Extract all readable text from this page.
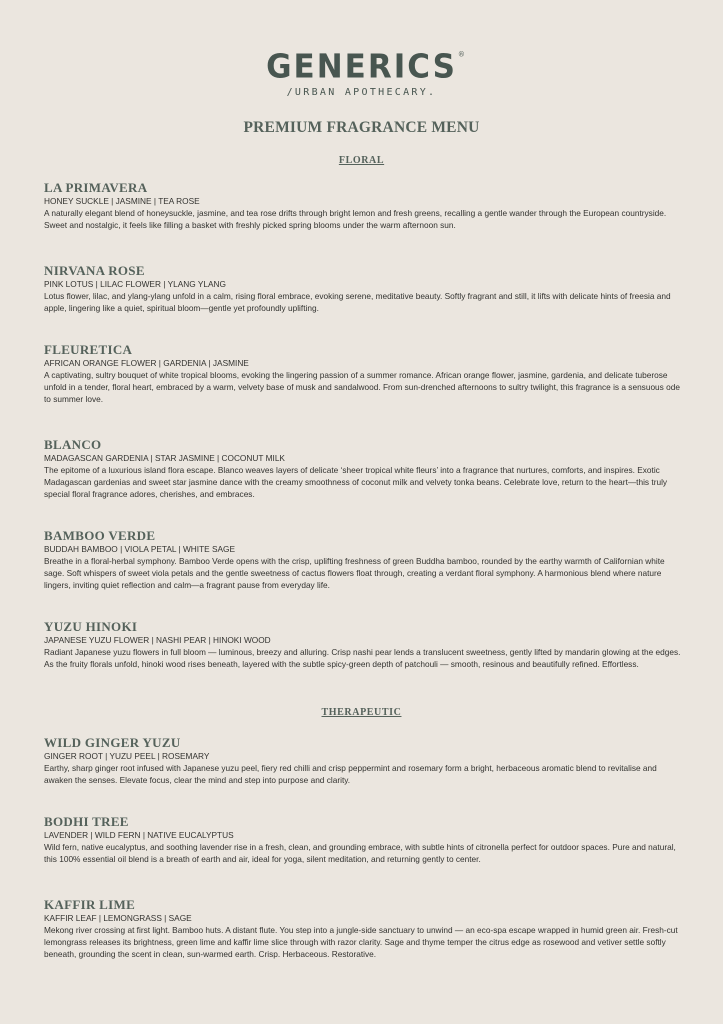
GENERICS ®
/URBAN APOTHECARY.
PREMIUM FRAGRANCE MENU
FLORAL
LA PRIMAVERA
HONEY SUCKLE | JASMINE | TEA ROSE
A naturally elegant blend of honeysuckle, jasmine, and tea rose drifts through bright lemon and fresh greens, recalling a gentle wander through the European countryside. Sweet and nostalgic, it feels like filling a basket with freshly picked spring blooms under the warm afternoon sun.
NIRVANA ROSE
PINK LOTUS | LILAC FLOWER | YLANG YLANG
Lotus flower, lilac, and ylang-ylang unfold in a calm, rising floral embrace, evoking serene, meditative beauty. Softly fragrant and still, it lifts with delicate hints of freesia and apple, lingering like a quiet, spiritual bloom—gentle yet profoundly uplifting.
FLEURETICA
AFRICAN ORANGE FLOWER | GARDENIA | JASMINE
A captivating, sultry bouquet of white tropical blooms, evoking the lingering passion of a summer romance. African orange flower, jasmine, gardenia, and delicate tuberose unfold in a tender, floral heart, embraced by a warm, velvety base of musk and sandalwood. From sun-drenched afternoons to sultry twilight, this fragrance is a sensuous ode to summer love.
BLANCO
MADAGASCAN GARDENIA | STAR JASMINE | COCONUT MILK
The epitome of a luxurious island flora escape. Blanco weaves layers of delicate ‘sheer tropical white fleurs’ into a fragrance that nurtures, comforts, and inspires. Exotic Madagascan gardenias and sweet star jasmine dance with the creamy smoothness of coconut milk and velvety tonka beans. Celebrate love, return to the heart—this truly special floral fragrance adores, cherishes, and embraces.
BAMBOO VERDE
BUDDAH BAMBOO | VIOLA PETAL | WHITE SAGE
Breathe in a floral-herbal symphony. Bamboo Verde opens with the crisp, uplifting freshness of green Buddha bamboo, rounded by the earthy warmth of Californian white sage. Soft whispers of sweet viola petals and the gentle sweetness of cactus flowers float through, creating a verdant floral symphony. A harmonious blend where nature lingers, inviting quiet reflection and calm—a fragrant pause from everyday life.
YUZU HINOKI
JAPANESE YUZU FLOWER | NASHI PEAR | HINOKI WOOD
Radiant Japanese yuzu flowers in full bloom — luminous, breezy and alluring. Crisp nashi pear lends a translucent sweetness, gently lifted by mandarin glowing at the edges. As the fruity florals unfold, hinoki wood rises beneath, layered with the subtle spicy-green depth of patchouli — smooth, resinous and beautifully refined. Effortless.
THERAPEUTIC
WILD GINGER YUZU
GINGER ROOT | YUZU PEEL | ROSEMARY
Earthy, sharp ginger root infused with Japanese yuzu peel, fiery red chilli and crisp peppermint and rosemary form a bright, herbaceous aromatic blend to revitalise and awaken the senses. Elevate focus, clear the mind and step into purpose and clarity.
BODHI TREE
LAVENDER | WILD FERN | NATIVE EUCALYPTUS
Wild fern, native eucalyptus, and soothing lavender rise in a fresh, clean, and grounding embrace, with subtle hints of citronella perfect for outdoor spaces. Pure and natural, this 100% essential oil blend is a breath of earth and air, ideal for yoga, silent meditation, and returning gently to center.
KAFFIR LIME
KAFFIR LEAF | LEMONGRASS | SAGE
Mekong river crossing at first light. Bamboo huts. A distant flute. You step into a jungle-side sanctuary to unwind — an eco-spa escape wrapped in humid green air. Fresh-cut lemongrass releases its brightness, green lime and kaffir lime slice through with razor clarity. Sage and thyme temper the citrus edge as rosewood and vetiver settle softly beneath, grounding the scent in clean, sun-warmed earth. Crisp. Herbaceous. Restorative.
